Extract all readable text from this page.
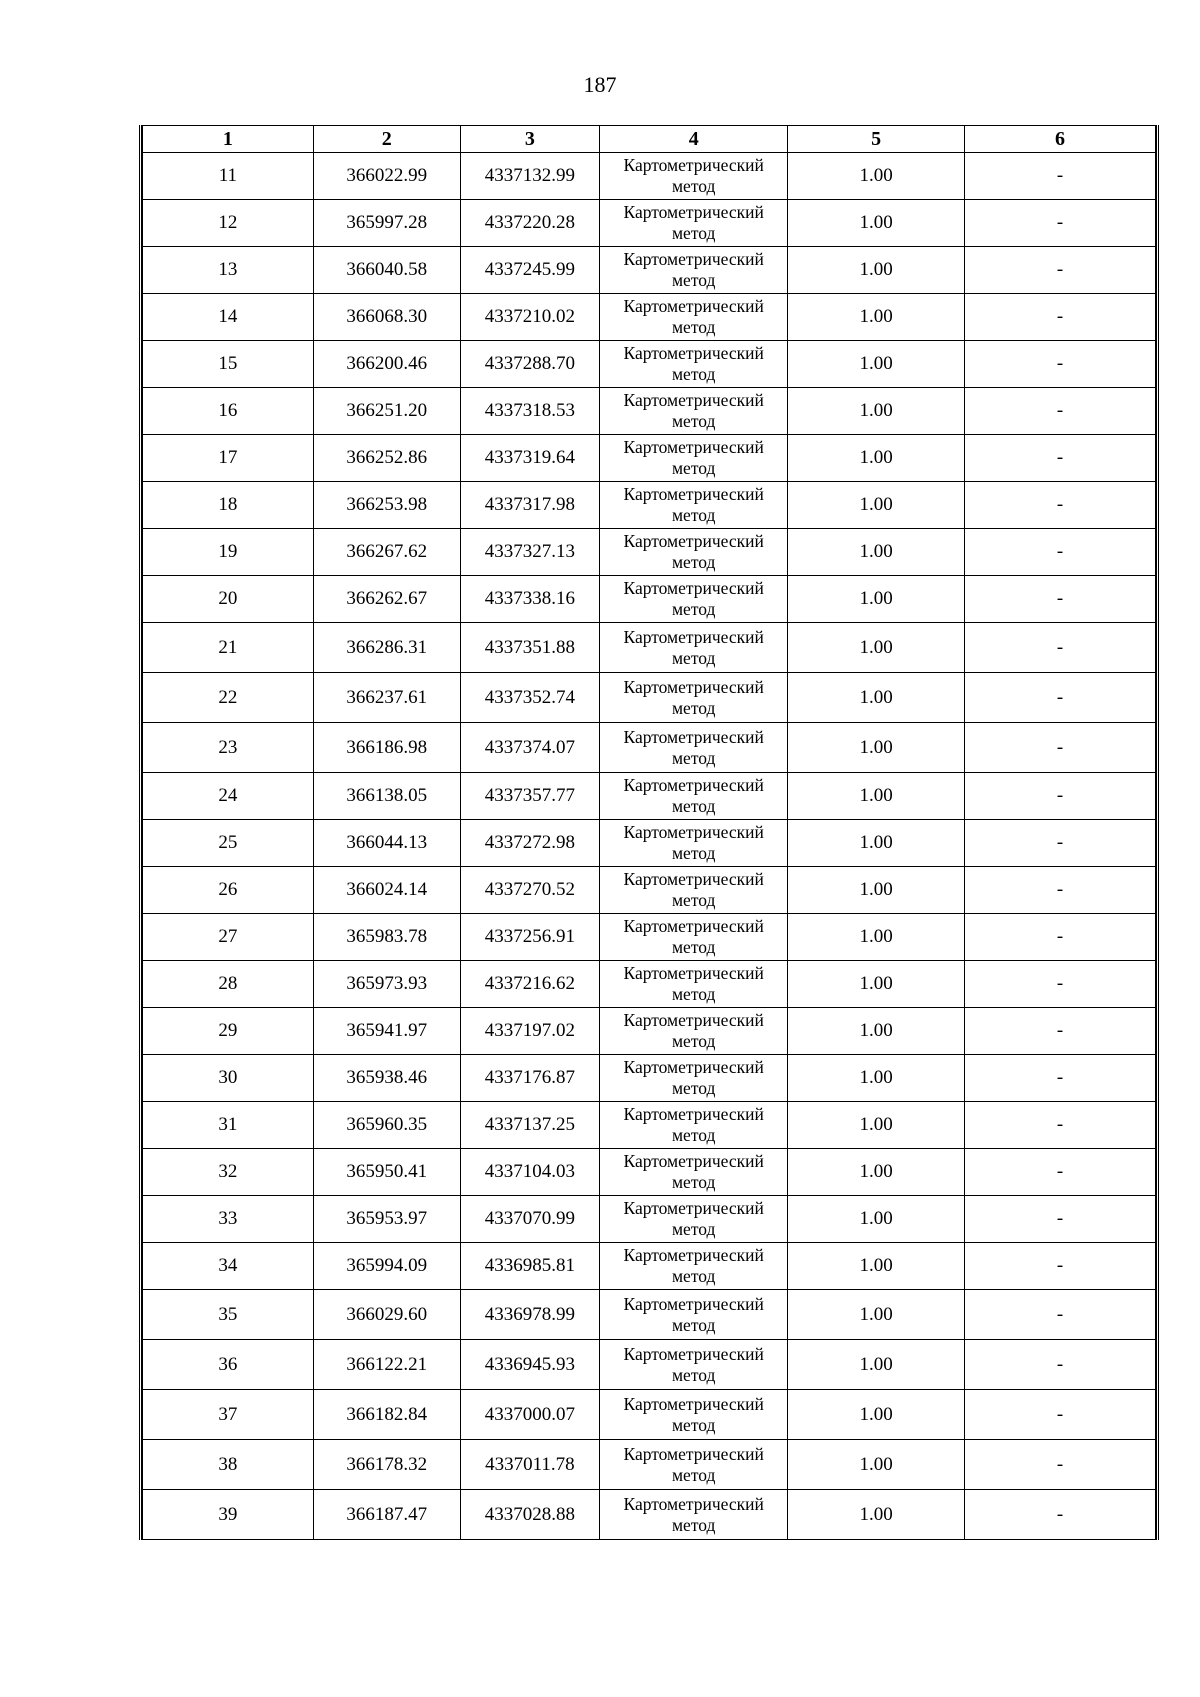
187
1	2	3	4	5	6
11	366022.99	4337132.99	Картометрический метод	1.00	-
12	365997.28	4337220.28	Картометрический метод	1.00	-
13	366040.58	4337245.99	Картометрический метод	1.00	-
14	366068.30	4337210.02	Картометрический метод	1.00	-
15	366200.46	4337288.70	Картометрический метод	1.00	-
16	366251.20	4337318.53	Картометрический метод	1.00	-
17	366252.86	4337319.64	Картометрический метод	1.00	-
18	366253.98	4337317.98	Картометрический метод	1.00	-
19	366267.62	4337327.13	Картометрический метод	1.00	-
20	366262.67	4337338.16	Картометрический метод	1.00	-
21	366286.31	4337351.88	Картометрический метод	1.00	-
22	366237.61	4337352.74	Картометрический метод	1.00	-
23	366186.98	4337374.07	Картометрический метод	1.00	-
24	366138.05	4337357.77	Картометрический метод	1.00	-
25	366044.13	4337272.98	Картометрический метод	1.00	-
26	366024.14	4337270.52	Картометрический метод	1.00	-
27	365983.78	4337256.91	Картометрический метод	1.00	-
28	365973.93	4337216.62	Картометрический метод	1.00	-
29	365941.97	4337197.02	Картометрический метод	1.00	-
30	365938.46	4337176.87	Картометрический метод	1.00	-
31	365960.35	4337137.25	Картометрический метод	1.00	-
32	365950.41	4337104.03	Картометрический метод	1.00	-
33	365953.97	4337070.99	Картометрический метод	1.00	-
34	365994.09	4336985.81	Картометрический метод	1.00	-
35	366029.60	4336978.99	Картометрический метод	1.00	-
36	366122.21	4336945.93	Картометрический метод	1.00	-
37	366182.84	4337000.07	Картометрический метод	1.00	-
38	366178.32	4337011.78	Картометрический метод	1.00	-
39	366187.47	4337028.88	Картометрический метод	1.00	-
